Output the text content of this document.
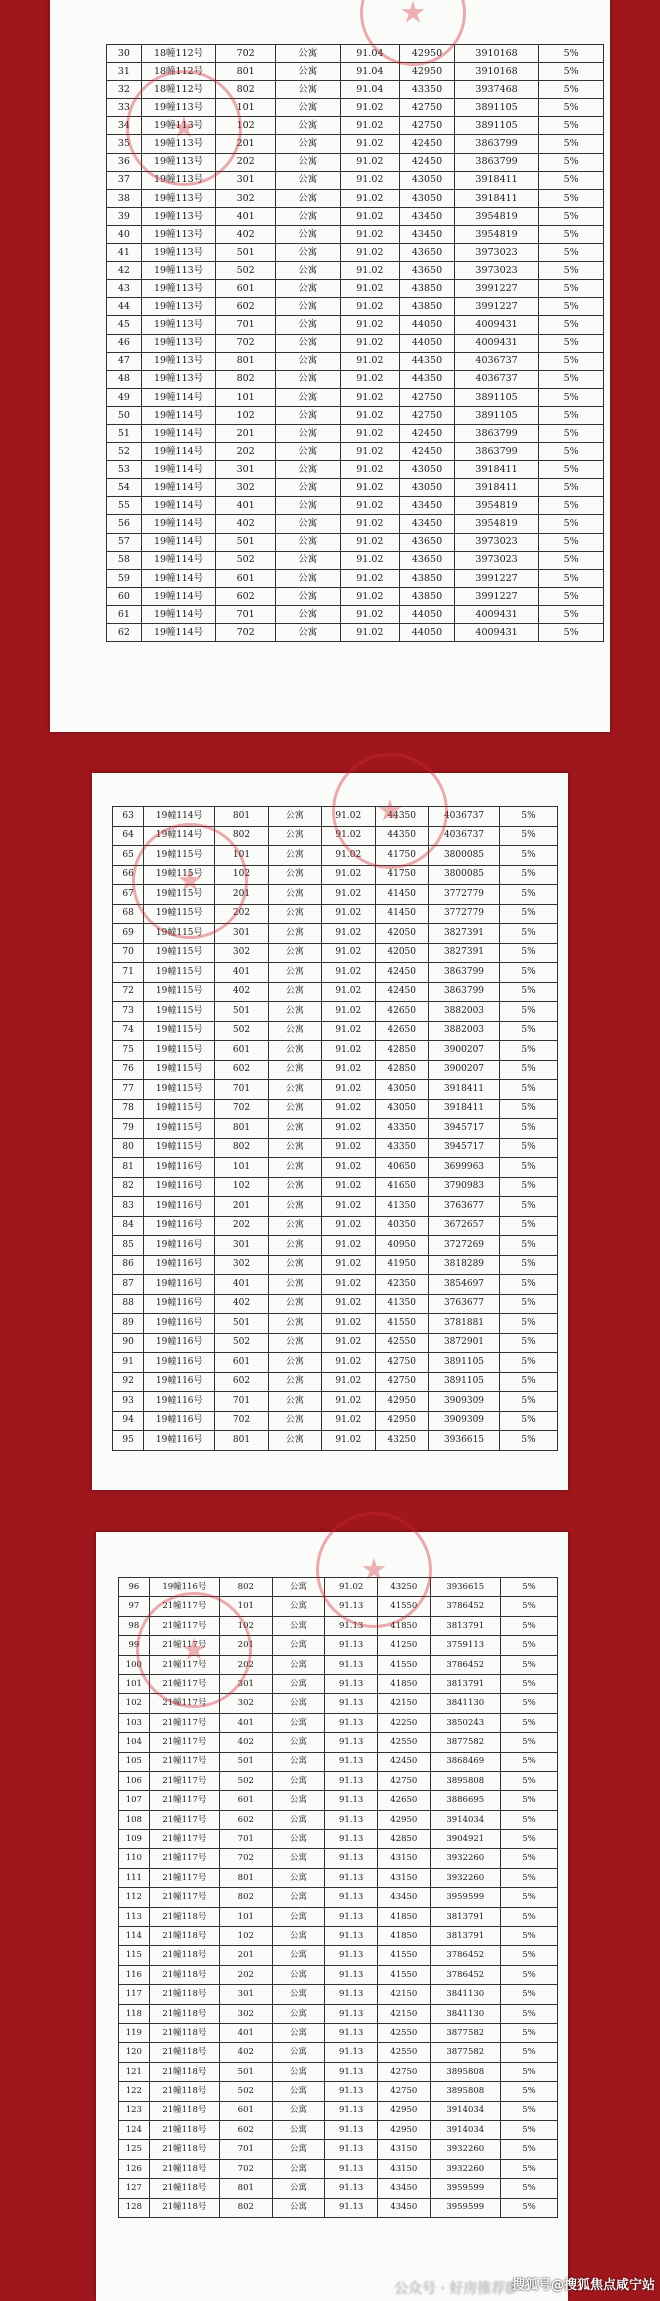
30	18幢112号	702	公寓	91.04	42950	3910168	5%
31	18幢112号	801	公寓	91.04	42950	3910168	5%
32	18幢112号	802	公寓	91.04	43350	3937468	5%
33	19幢113号	101	公寓	91.02	42750	3891105	5%
34	19幢113号	102	公寓	91.02	42750	3891105	5%
35	19幢113号	201	公寓	91.02	42450	3863799	5%
36	19幢113号	202	公寓	91.02	42450	3863799	5%
37	19幢113号	301	公寓	91.02	43050	3918411	5%
38	19幢113号	302	公寓	91.02	43050	3918411	5%
39	19幢113号	401	公寓	91.02	43450	3954819	5%
40	19幢113号	402	公寓	91.02	43450	3954819	5%
41	19幢113号	501	公寓	91.02	43650	3973023	5%
42	19幢113号	502	公寓	91.02	43650	3973023	5%
43	19幢113号	601	公寓	91.02	43850	3991227	5%
44	19幢113号	602	公寓	91.02	43850	3991227	5%
45	19幢113号	701	公寓	91.02	44050	4009431	5%
46	19幢113号	702	公寓	91.02	44050	4009431	5%
47	19幢113号	801	公寓	91.02	44350	4036737	5%
48	19幢113号	802	公寓	91.02	44350	4036737	5%
49	19幢114号	101	公寓	91.02	42750	3891105	5%
50	19幢114号	102	公寓	91.02	42750	3891105	5%
51	19幢114号	201	公寓	91.02	42450	3863799	5%
52	19幢114号	202	公寓	91.02	42450	3863799	5%
53	19幢114号	301	公寓	91.02	43050	3918411	5%
54	19幢114号	302	公寓	91.02	43050	3918411	5%
55	19幢114号	401	公寓	91.02	43450	3954819	5%
56	19幢114号	402	公寓	91.02	43450	3954819	5%
57	19幢114号	501	公寓	91.02	43650	3973023	5%
58	19幢114号	502	公寓	91.02	43650	3973023	5%
59	19幢114号	601	公寓	91.02	43850	3991227	5%
60	19幢114号	602	公寓	91.02	43850	3991227	5%
61	19幢114号	701	公寓	91.02	44050	4009431	5%
62	19幢114号	702	公寓	91.02	44050	4009431	5%
★
★
63	19幢114号	801	公寓	91.02	44350	4036737	5%
64	19幢114号	802	公寓	91.02	44350	4036737	5%
65	19幢115号	101	公寓	91.02	41750	3800085	5%
66	19幢115号	102	公寓	91.02	41750	3800085	5%
67	19幢115号	201	公寓	91.02	41450	3772779	5%
68	19幢115号	202	公寓	91.02	41450	3772779	5%
69	19幢115号	301	公寓	91.02	42050	3827391	5%
70	19幢115号	302	公寓	91.02	42050	3827391	5%
71	19幢115号	401	公寓	91.02	42450	3863799	5%
72	19幢115号	402	公寓	91.02	42450	3863799	5%
73	19幢115号	501	公寓	91.02	42650	3882003	5%
74	19幢115号	502	公寓	91.02	42650	3882003	5%
75	19幢115号	601	公寓	91.02	42850	3900207	5%
76	19幢115号	602	公寓	91.02	42850	3900207	5%
77	19幢115号	701	公寓	91.02	43050	3918411	5%
78	19幢115号	702	公寓	91.02	43050	3918411	5%
79	19幢115号	801	公寓	91.02	43350	3945717	5%
80	19幢115号	802	公寓	91.02	43350	3945717	5%
81	19幢116号	101	公寓	91.02	40650	3699963	5%
82	19幢116号	102	公寓	91.02	41650	3790983	5%
83	19幢116号	201	公寓	91.02	41350	3763677	5%
84	19幢116号	202	公寓	91.02	40350	3672657	5%
85	19幢116号	301	公寓	91.02	40950	3727269	5%
86	19幢116号	302	公寓	91.02	41950	3818289	5%
87	19幢116号	401	公寓	91.02	42350	3854697	5%
88	19幢116号	402	公寓	91.02	41350	3763677	5%
89	19幢116号	501	公寓	91.02	41550	3781881	5%
90	19幢116号	502	公寓	91.02	42550	3872901	5%
91	19幢116号	601	公寓	91.02	42750	3891105	5%
92	19幢116号	602	公寓	91.02	42750	3891105	5%
93	19幢116号	701	公寓	91.02	42950	3909309	5%
94	19幢116号	702	公寓	91.02	42950	3909309	5%
95	19幢116号	801	公寓	91.02	43250	3936615	5%
★
★
96	19幢116号	802	公寓	91.02	43250	3936615	5%
97	21幢117号	101	公寓	91.13	41550	3786452	5%
98	21幢117号	102	公寓	91.13	41850	3813791	5%
99	21幢117号	201	公寓	91.13	41250	3759113	5%
100	21幢117号	202	公寓	91.13	41550	3786452	5%
101	21幢117号	301	公寓	91.13	41850	3813791	5%
102	21幢117号	302	公寓	91.13	42150	3841130	5%
103	21幢117号	401	公寓	91.13	42250	3850243	5%
104	21幢117号	402	公寓	91.13	42550	3877582	5%
105	21幢117号	501	公寓	91.13	42450	3868469	5%
106	21幢117号	502	公寓	91.13	42750	3895808	5%
107	21幢117号	601	公寓	91.13	42650	3886695	5%
108	21幢117号	602	公寓	91.13	42950	3914034	5%
109	21幢117号	701	公寓	91.13	42850	3904921	5%
110	21幢117号	702	公寓	91.13	43150	3932260	5%
111	21幢117号	801	公寓	91.13	43150	3932260	5%
112	21幢117号	802	公寓	91.13	43450	3959599	5%
113	21幢118号	101	公寓	91.13	41850	3813791	5%
114	21幢118号	102	公寓	91.13	41850	3813791	5%
115	21幢118号	201	公寓	91.13	41550	3786452	5%
116	21幢118号	202	公寓	91.13	41550	3786452	5%
117	21幢118号	301	公寓	91.13	42150	3841130	5%
118	21幢118号	302	公寓	91.13	42150	3841130	5%
119	21幢118号	401	公寓	91.13	42550	3877582	5%
120	21幢118号	402	公寓	91.13	42550	3877582	5%
121	21幢118号	501	公寓	91.13	42750	3895808	5%
122	21幢118号	502	公寓	91.13	42750	3895808	5%
123	21幢118号	601	公寓	91.13	42950	3914034	5%
124	21幢118号	602	公寓	91.13	42950	3914034	5%
125	21幢118号	701	公寓	91.13	43150	3932260	5%
126	21幢118号	702	公寓	91.13	43150	3932260	5%
127	21幢118号	801	公寓	91.13	43450	3959599	5%
128	21幢118号	802	公寓	91.13	43450	3959599	5%
★
★
公众号 · 好房推荐B
搜狐号@搜狐焦点咸宁站
